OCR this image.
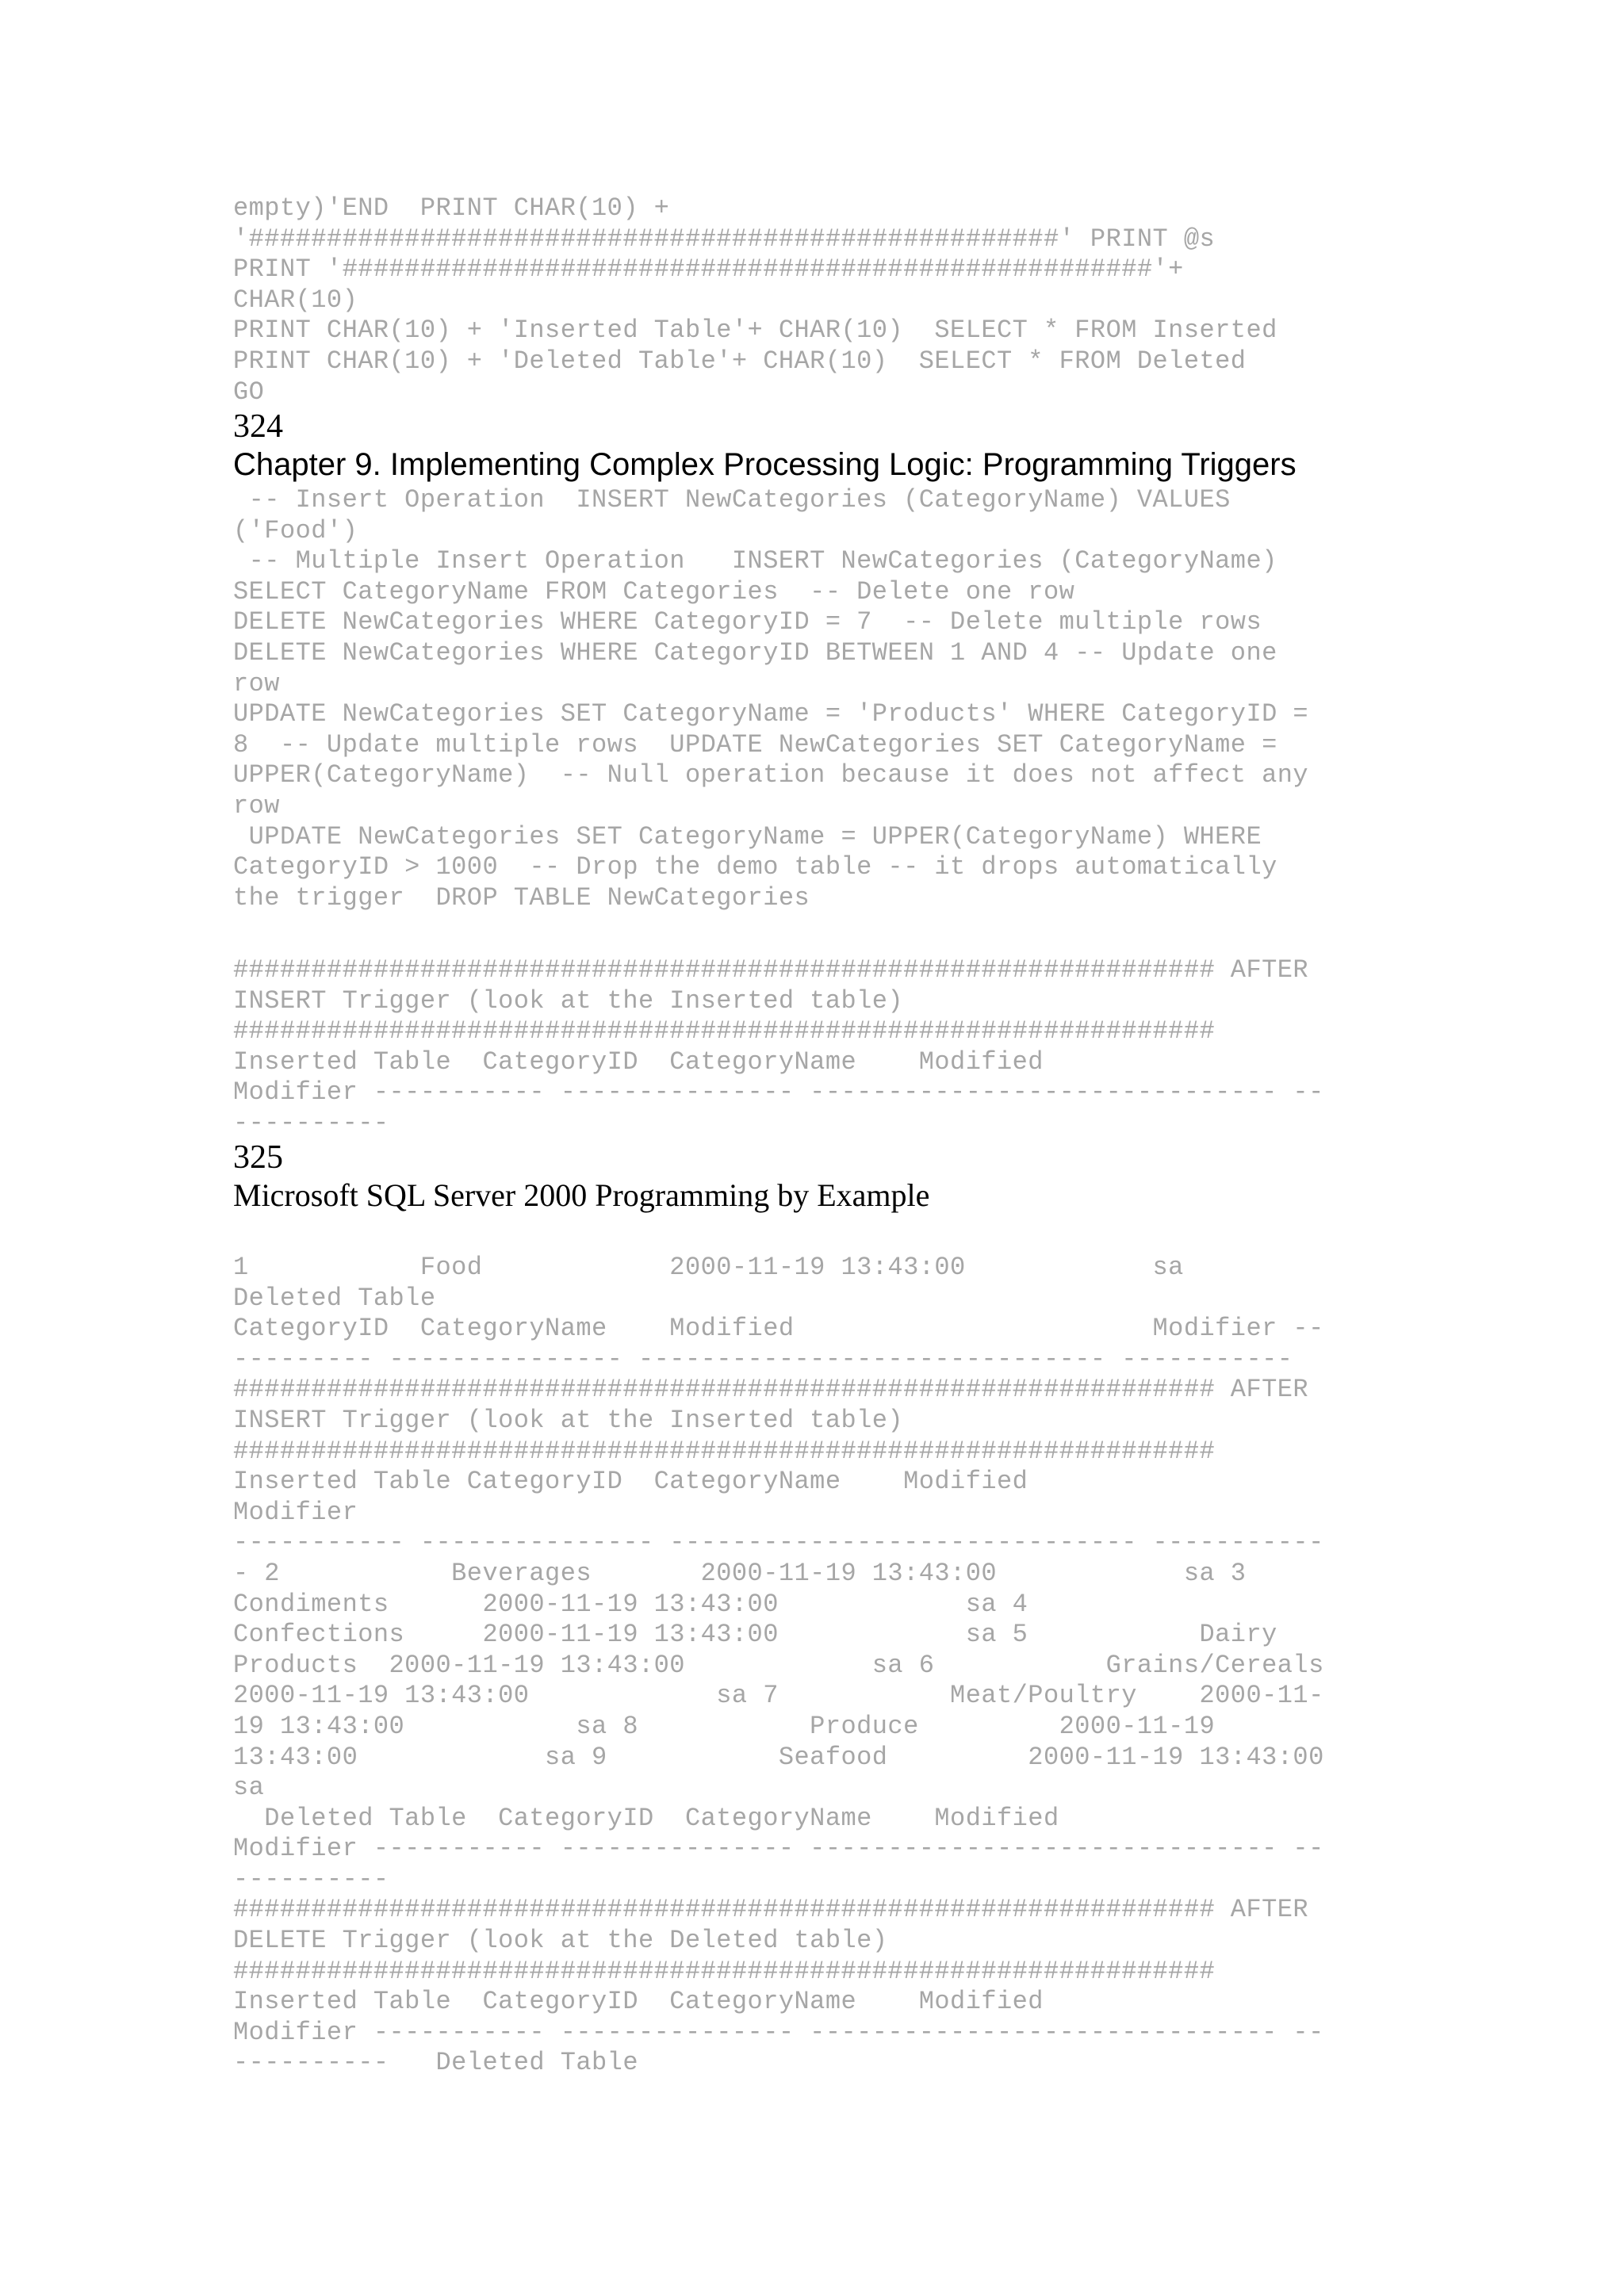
empty)'END  PRINT CHAR(10) +
'####################################################' PRINT @s
PRINT '####################################################'+
CHAR(10)
PRINT CHAR(10) + 'Inserted Table'+ CHAR(10)  SELECT * FROM Inserted
PRINT CHAR(10) + 'Deleted Table'+ CHAR(10)  SELECT * FROM Deleted
GO
324
Chapter 9. Implementing Complex Processing Logic: Programming Triggers
-- Insert Operation  INSERT NewCategories (CategoryName) VALUES
('Food')
-- Multiple Insert Operation   INSERT NewCategories (CategoryName)
SELECT CategoryName FROM Categories  -- Delete one row
DELETE NewCategories WHERE CategoryID = 7  -- Delete multiple rows
DELETE NewCategories WHERE CategoryID BETWEEN 1 AND 4 -- Update one
row
UPDATE NewCategories SET CategoryName = 'Products' WHERE CategoryID =
8  -- Update multiple rows  UPDATE NewCategories SET CategoryName =
UPPER(CategoryName)  -- Null operation because it does not affect any
row
UPDATE NewCategories SET CategoryName = UPPER(CategoryName) WHERE
CategoryID > 1000  -- Drop the demo table -- it drops automatically
the trigger  DROP TABLE NewCategories
############################################################### AFTER
INSERT Trigger (look at the Inserted table)
###############################################################
Inserted Table  CategoryID  CategoryName    Modified
Modifier ----------- --------------- ------------------------------ --
----------
325
Microsoft SQL Server 2000 Programming by Example
1           Food            2000-11-19 13:43:00            sa
Deleted Table
CategoryID  CategoryName    Modified                       Modifier --
--------- --------------- ------------------------------ -----------
############################################################### AFTER
INSERT Trigger (look at the Inserted table)
###############################################################
Inserted Table CategoryID  CategoryName    Modified
Modifier
----------- --------------- ------------------------------ -----------
- 2           Beverages       2000-11-19 13:43:00            sa 3
Condiments      2000-11-19 13:43:00            sa 4
Confections     2000-11-19 13:43:00            sa 5           Dairy
Products  2000-11-19 13:43:00            sa 6           Grains/Cereals
2000-11-19 13:43:00            sa 7           Meat/Poultry    2000-11-
19 13:43:00           sa 8           Produce         2000-11-19
13:43:00            sa 9           Seafood         2000-11-19 13:43:00
sa
Deleted Table  CategoryID  CategoryName    Modified
Modifier ----------- --------------- ------------------------------ --
----------
############################################################### AFTER
DELETE Trigger (look at the Deleted table)
###############################################################
Inserted Table  CategoryID  CategoryName    Modified
Modifier ----------- --------------- ------------------------------ --
----------   Deleted Table
